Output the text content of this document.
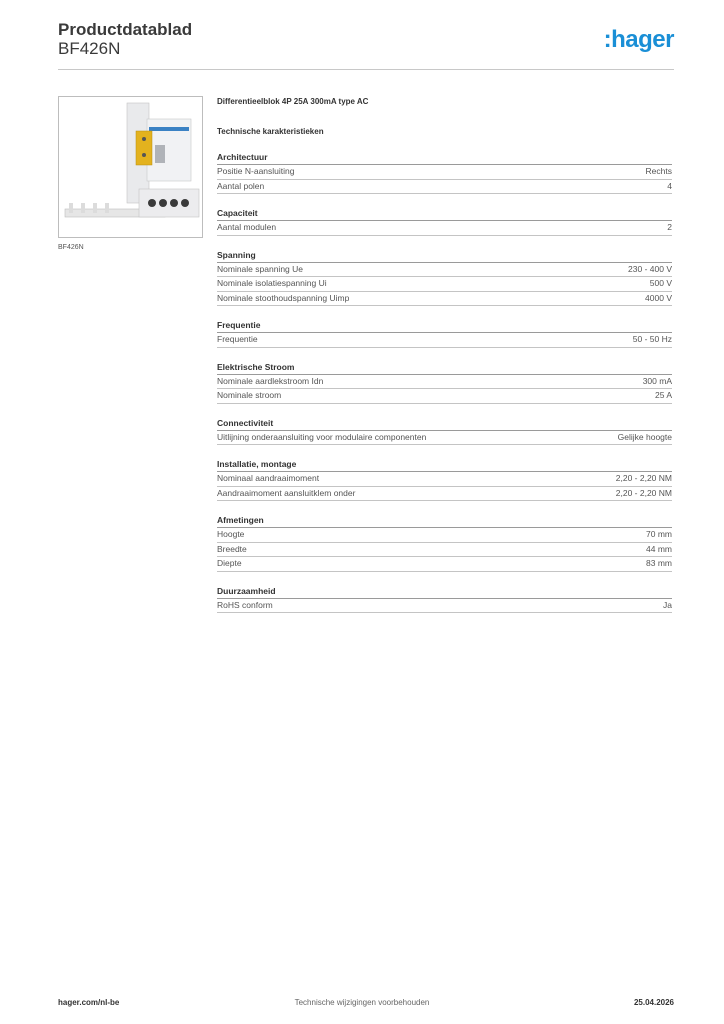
Productdatablad
BF426N	:hager
BF426N
Differentieelblok 4P 25A 300mA type AC
Technische karakteristieken
Architectuur
Positie N-aansluiting	Rechts
Aantal polen	4
Capaciteit
Aantal modulen	2
Spanning
Nominale spanning Ue	230 - 400 V
Nominale isolatiespanning Ui	500 V
Nominale stoothoudspanning Uimp	4000 V
Frequentie
Frequentie	50 - 50 Hz
Elektrische Stroom
Nominale aardlekstroom Idn	300 mA
Nominale stroom	25 A
Connectiviteit
Uitlijning onderaansluiting voor modulaire componenten	Gelijke hoogte
Installatie, montage
Nominaal aandraaimoment	2,20 - 2,20 NM
Aandraaimoment aansluitklem onder	2,20 - 2,20 NM
Afmetingen
Hoogte	70 mm
Breedte	44 mm
Diepte	83 mm
Duurzaamheid
RoHS conform	Ja
hager.com/nl-be	Technische wijzigingen voorbehouden	25.04.2026
